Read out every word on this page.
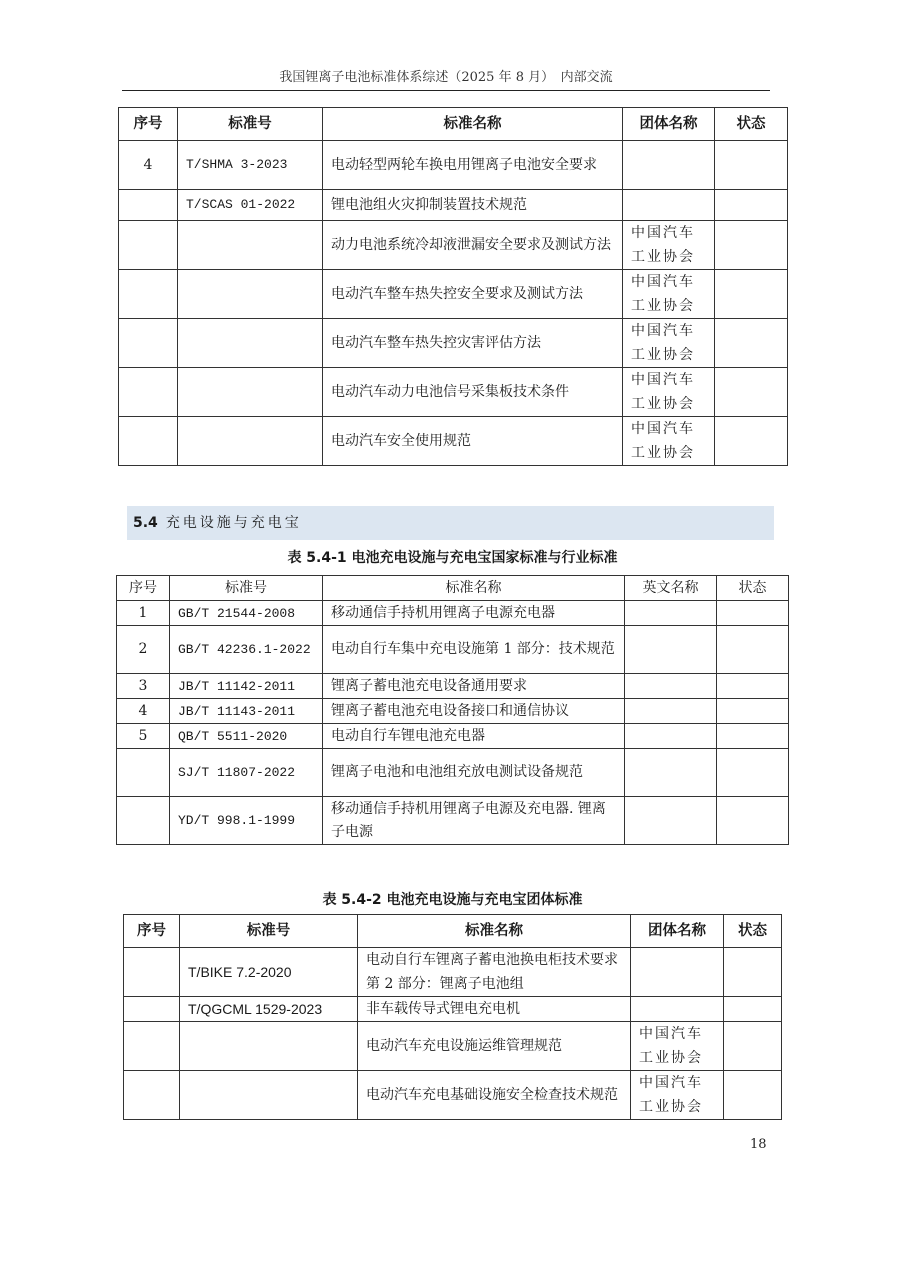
我国锂离子电池标准体系综述（2025 年 8 月）　内部交流
序号	标准号	标准名称	团体名称	状态
4	T/SHMA 3-2023	电动轻型两轮车换电用锂离子电池安全要求		
	T/SCAS 01-2022	锂电池组火灾抑制装置技术规范		
		动力电池系统冷却液泄漏安全要求及测试方法	中国汽车工业协会	
		电动汽车整车热失控安全要求及测试方法	中国汽车工业协会	
		电动汽车整车热失控灾害评估方法	中国汽车工业协会	
		电动汽车动力电池信号采集板技术条件	中国汽车工业协会	
		电动汽车安全使用规范	中国汽车工业协会	
5.4 充电设施与充电宝
表 5.4-1 电池充电设施与充电宝国家标准与行业标准
序号	标准号	标准名称	英文名称	状态
1	GB/T 21544-2008	移动通信手持机用锂离子电源充电器		
2	GB/T 42236.1-2022	电动自行车集中充电设施第 1 部分：技术规范		
3	JB/T 11142-2011	锂离子蓄电池充电设备通用要求		
4	JB/T 11143-2011	锂离子蓄电池充电设备接口和通信协议		
5	QB/T 5511-2020	电动自行车锂电池充电器		
	SJ/T 11807-2022	锂离子电池和电池组充放电测试设备规范		
	YD/T 998.1-1999	移动通信手持机用锂离子电源及充电器. 锂离子电源		
表 5.4-2 电池充电设施与充电宝团体标准
序号	标准号	标准名称	团体名称	状态
	T/BIKE 7.2-2020	电动自行车锂离子蓄电池换电柜技术要求 第 2 部分：锂离子电池组		
	T/QGCML 1529-2023	非车载传导式锂电充电机		
		电动汽车充电设施运维管理规范	中国汽车工业协会	
		电动汽车充电基础设施安全检查技术规范	中国汽车工业协会	
18
